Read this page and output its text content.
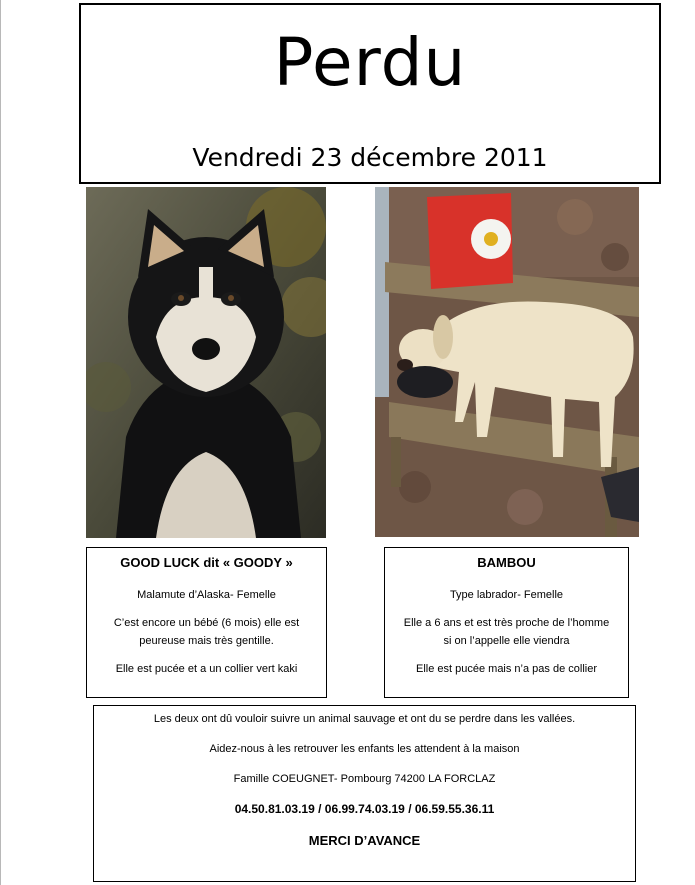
Perdu
Vendredi 23 décembre 2011
GOOD LUCK dit « GOODY »
Malamute d’Alaska- Femelle
C’est encore un bébé (6 mois) elle est
peureuse mais très gentille.
Elle est pucée et a un collier vert kaki
BAMBOU
Type labrador- Femelle
Elle a 6 ans et est très proche de l’homme
si on l’appelle elle viendra
Elle est pucée mais n’a pas de collier
Les deux ont dû vouloir suivre un animal sauvage et ont du se perdre dans les vallées.
Aidez-nous à les retrouver les enfants les attendent à la maison
Famille COEUGNET- Pombourg 74200 LA FORCLAZ
04.50.81.03.19 / 06.99.74.03.19 / 06.59.55.36.11
MERCI D’AVANCE
